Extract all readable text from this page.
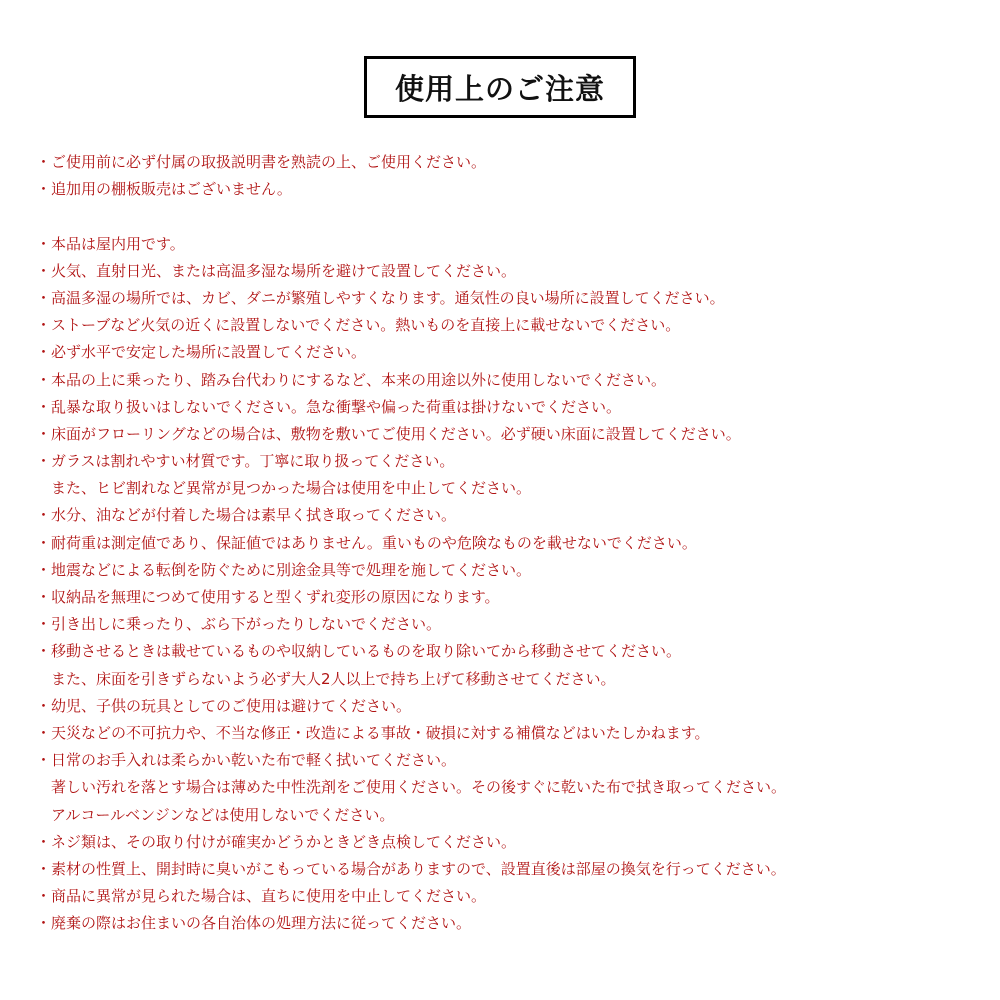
使用上のご注意
・ご使用前に必ず付属の取扱説明書を熟読の上、ご使用ください。
・追加用の棚板販売はございません。
・本品は屋内用です。
・火気、直射日光、または高温多湿な場所を避けて設置してください。
・高温多湿の場所では、カビ、ダニが繁殖しやすくなります。通気性の良い場所に設置してください。
・ストーブなど火気の近くに設置しないでください。熱いものを直接上に載せないでください。
・必ず水平で安定した場所に設置してください。
・本品の上に乗ったり、踏み台代わりにするなど、本来の用途以外に使用しないでください。
・乱暴な取り扱いはしないでください。急な衝撃や偏った荷重は掛けないでください。
・床面がフローリングなどの場合は、敷物を敷いてご使用ください。必ず硬い床面に設置してください。
・ガラスは割れやすい材質です。丁寧に取り扱ってください。
また、ヒビ割れなど異常が見つかった場合は使用を中止してください。
・水分、油などが付着した場合は素早く拭き取ってください。
・耐荷重は測定値であり、保証値ではありません。重いものや危険なものを載せないでください。
・地震などによる転倒を防ぐために別途金具等で処理を施してください。
・収納品を無理につめて使用すると型くずれ変形の原因になります。
・引き出しに乗ったり、ぶら下がったりしないでください。
・移動させるときは載せているものや収納しているものを取り除いてから移動させてください。
また、床面を引きずらないよう必ず大人2人以上で持ち上げて移動させてください。
・幼児、子供の玩具としてのご使用は避けてください。
・天災などの不可抗力や、不当な修正・改造による事故・破損に対する補償などはいたしかねます。
・日常のお手入れは柔らかい乾いた布で軽く拭いてください。
著しい汚れを落とす場合は薄めた中性洗剤をご使用ください。その後すぐに乾いた布で拭き取ってください。
アルコールベンジンなどは使用しないでください。
・ネジ類は、その取り付けが確実かどうかときどき点検してください。
・素材の性質上、開封時に臭いがこもっている場合がありますので、設置直後は部屋の換気を行ってください。
・商品に異常が見られた場合は、直ちに使用を中止してください。
・廃棄の際はお住まいの各自治体の処理方法に従ってください。
